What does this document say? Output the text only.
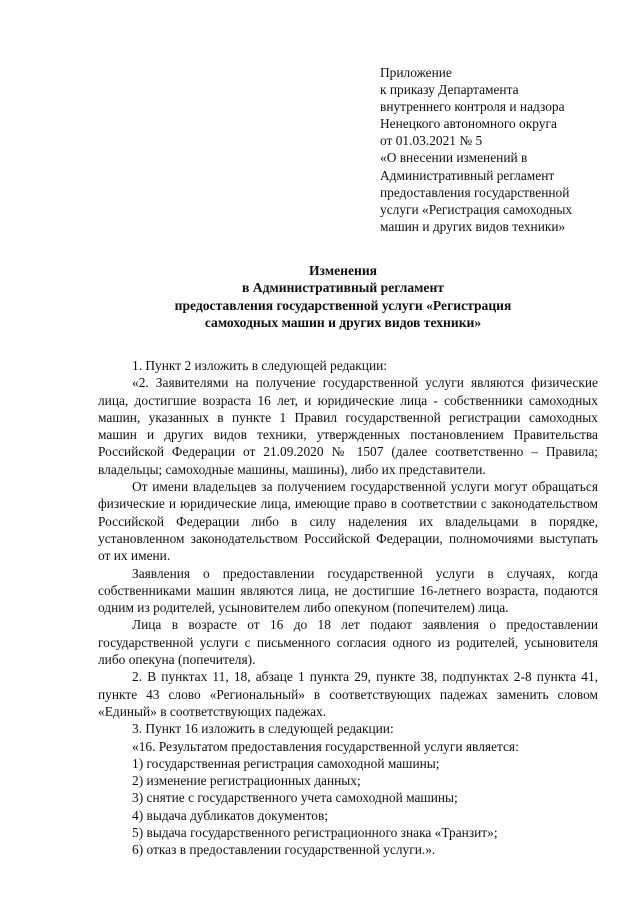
Приложение
к приказу Департамента
внутреннего контроля и надзора
Ненецкого автономного округа
от 01.03.2021 № 5
«О внесении изменений в
Административный регламент
предоставления государственной
услуги «Регистрация самоходных
машин и других видов техники»
Изменения
в Административный регламент
предоставления государственной услуги «Регистрация
самоходных машин и других видов техники»

1. Пункт 2 изложить в следующей редакции:

«2. Заявителями на получение государственной услуги являются физические лица, достигшие возраста 16 лет, и юридические лица - собственники самоходных машин, указанных в пункте 1 Правил государственной регистрации самоходных машин и других видов техники, утвержденных постановлением Правительства Российской Федерации от 21.09.2020 № 1507 (далее соответственно – Правила; владельцы; самоходные машины, машины), либо их представители.

От имени владельцев за получением государственной услуги могут обращаться физические и юридические лица, имеющие право в соответствии с законодательством Российской Федерации либо в силу наделения их владельцами в порядке, установленном законодательством Российской Федерации, полномочиями выступать от их имени.

Заявления о предоставлении государственной услуги в случаях, когда собственниками машин являются лица, не достигшие 16-летнего возраста, подаются одним из родителей, усыновителем либо опекуном (попечителем) лица.

Лица в возрасте от 16 до 18 лет подают заявления о предоставлении государственной услуги с письменного согласия одного из родителей, усыновителя либо опекуна (попечителя).

2. В пунктах 11, 18, абзаце 1 пункта 29, пункте 38, подпунктах 2-8 пункта 41, пункте 43 слово «Региональный» в соответствующих падежах заменить словом «Единый» в соответствующих падежах.

3. Пункт 16 изложить в следующей редакции:

«16. Результатом предоставления государственной услуги является:

1) государственная регистрация самоходной машины;

2) изменение регистрационных данных;

3) снятие с государственного учета самоходной машины;

4) выдача дубликатов документов;

5) выдача государственного регистрационного знака «Транзит»;

6) отказ в предоставлении государственной услуги.».
